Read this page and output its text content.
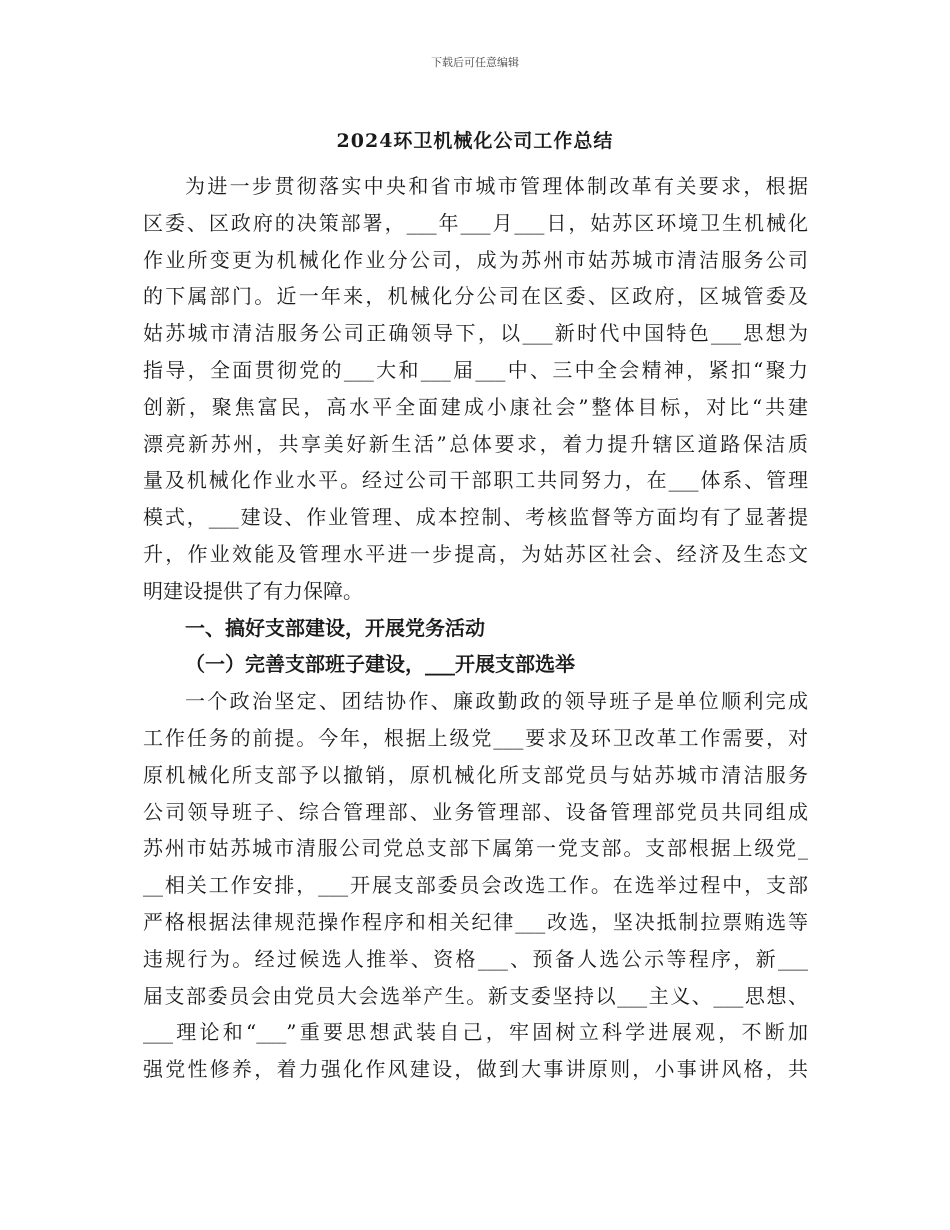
下载后可任意编辑
2024环卫机械化公司工作总结
为进一步贯彻落实中央和省市城市管理体制改革有关要求，根据
区委、区政府的决策部署，___年___月___日，姑苏区环境卫生机械化
作业所变更为机械化作业分公司，成为苏州市姑苏城市清洁服务公司
的下属部门。近一年来，机械化分公司在区委、区政府，区城管委及
姑苏城市清洁服务公司正确领导下，以___新时代中国特色___思想为
指导，全面贯彻党的___大和___届___中、三中全会精神，紧扣“聚力
创新，聚焦富民，高水平全面建成小康社会”整体目标，对比“共建
漂亮新苏州，共享美好新生活”总体要求，着力提升辖区道路保洁质
量及机械化作业水平。经过公司干部职工共同努力，在___体系、管理
模式，___建设、作业管理、成本控制、考核监督等方面均有了显著提
升，作业效能及管理水平进一步提高，为姑苏区社会、经济及生态文
明建设提供了有力保障。
一、搞好支部建设，开展党务活动
（一）完善支部班子建设，___开展支部选举
一个政治坚定、团结协作、廉政勤政的领导班子是单位顺利完成
工作任务的前提。今年，根据上级党___要求及环卫改革工作需要，对
原机械化所支部予以撤销，原机械化所支部党员与姑苏城市清洁服务
公司领导班子、综合管理部、业务管理部、设备管理部党员共同组成
苏州市姑苏城市清服公司党总支部下属第一党支部。支部根据上级党_
__相关工作安排，___开展支部委员会改选工作。在选举过程中，支部
严格根据法律规范操作程序和相关纪律___改选，坚决抵制拉票贿选等
违规行为。经过候选人推举、资格___、预备人选公示等程序，新___
届支部委员会由党员大会选举产生。新支委坚持以___主义、___思想、
___理论和“___”重要思想武装自己，牢固树立科学进展观，不断加
强党性修养，着力强化作风建设，做到大事讲原则，小事讲风格，共
